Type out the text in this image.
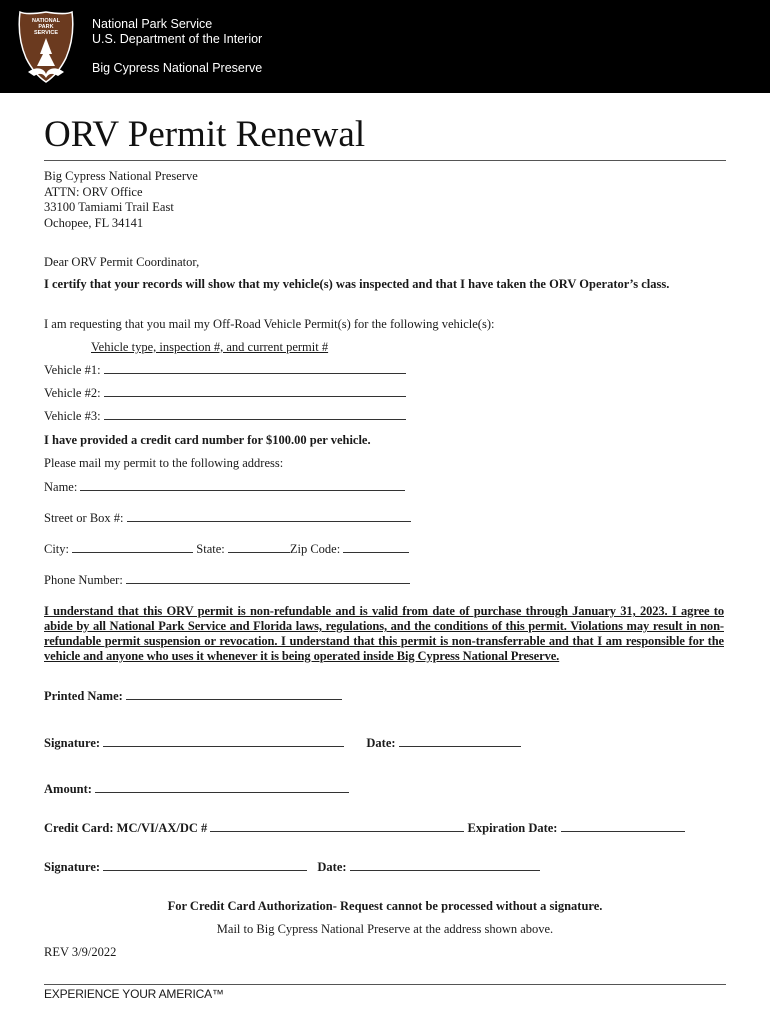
NATIONAL
PARK
SERVICE
National Park Service
U.S. Department of the Interior
Big Cypress National Preserve
ORV Permit Renewal
Big Cypress National Preserve
ATTN: ORV Office
33100 Tamiami Trail East
Ochopee, FL 34141
Dear ORV Permit Coordinator,
I certify that your records will show that my vehicle(s) was inspected and that I have taken the ORV Operator’s class.
I am requesting that you mail my Off-Road Vehicle Permit(s) for the following vehicle(s):
Vehicle type, inspection #, and current permit #
Vehicle #1:
Vehicle #2:
Vehicle #3:
I have provided a credit card number for $100.00 per vehicle.
Please mail my permit to the following address:
Name:
Street or Box #:
City:	State:	Zip Code:
Phone Number:
I understand that this ORV permit is non-refundable and is valid from date of purchase through January 31, 2023. I agree to abide by all National Park Service and Florida laws, regulations, and the conditions of this permit. Violations may result in non-refundable permit suspension or revocation. I understand that this permit is non-transferrable and that I am responsible for the vehicle and anyone who uses it whenever it is being operated inside Big Cypress National Preserve.
Printed Name:
Signature:	Date:
Amount:
Credit Card: MC/VI/AX/DC #	Expiration Date:
Signature:	Date:
For Credit Card Authorization- Request cannot be processed without a signature.
Mail to Big Cypress National Preserve at the address shown above.
REV 3/9/2022
EXPERIENCE YOUR AMERICA™
